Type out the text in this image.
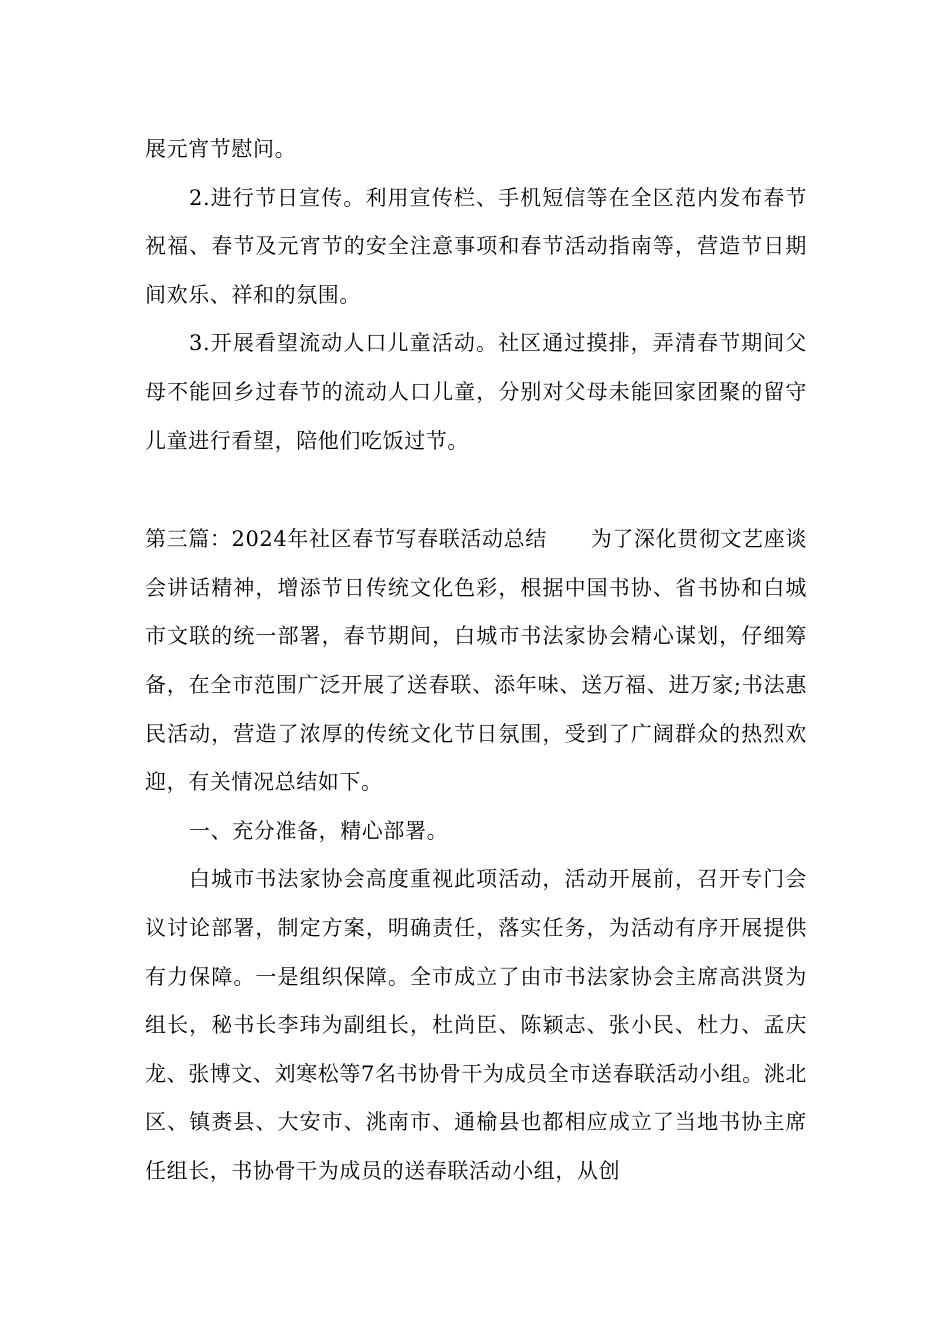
展元宵节慰问。

2.进行节日宣传。利用宣传栏、手机短信等在全区范内发布春节祝福、春节及元宵节的安全注意事项和春节活动指南等，营造节日期间欢乐、祥和的氛围。

3.开展看望流动人口儿童活动。社区通过摸排，弄清春节期间父母不能回乡过春节的流动人口儿童，分别对父母未能回家团聚的留守儿童进行看望，陪他们吃饭过节。

第三篇：2024年社区春节写春联活动总结 为了深化贯彻文艺座谈会讲话精神，增添节日传统文化色彩，根据中国书协、省书协和白城市文联的统一部署，春节期间，白城市书法家协会精心谋划，仔细筹备，在全市范围广泛开展了送春联、添年味、送万福、进万家;书法惠民活动，营造了浓厚的传统文化节日氛围，受到了广阔群众的热烈欢迎，有关情况总结如下。

一、充分准备，精心部署。

白城市书法家协会高度重视此项活动，活动开展前，召开专门会议讨论部署，制定方案，明确责任，落实任务，为活动有序开展提供有力保障。一是组织保障。全市成立了由市书法家协会主席高洪贤为组长，秘书长李玮为副组长，杜尚臣、陈颖志、张小民、杜力、孟庆龙、张博文、刘寒松等7名书协骨干为成员全市送春联活动小组。洮北区、镇赉县、大安市、洮南市、通榆县也都相应成立了当地书协主席任组长，书协骨干为成员的送春联活动小组，从创
